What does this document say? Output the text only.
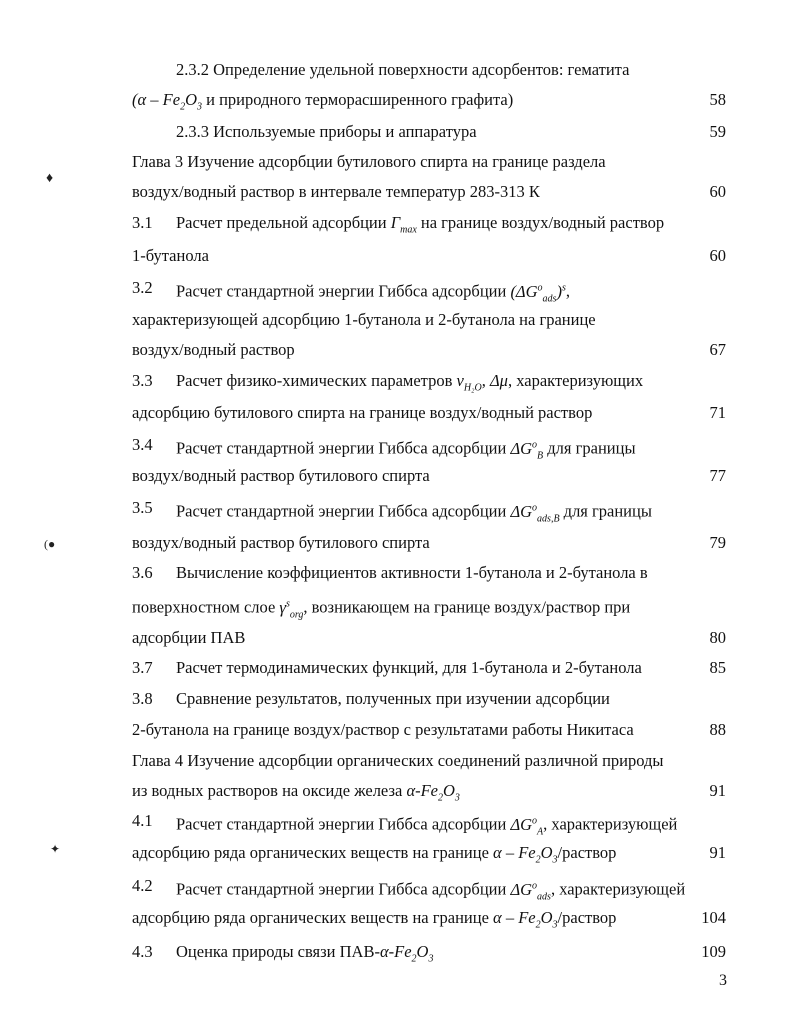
♦
(●
✦
2.3.2 Определение удельной поверхности адсорбентов: гематита
($\alpha - Fe_2O_3$ и природного терморасширенного графита)	58
2.3.3 Используемые приборы и аппаратура	59
Глава 3 Изучение адсорбции бутилового спирта на границе раздела
воздух/водный раствор в интервале температур 283-313 К	60
3.1 Расчет предельной адсорбции $\Gamma_{max}$ на границе воздух/водный раствор
1-бутанола	60
3.2 Расчет стандартной энергии Гиббса адсорбции $(\Delta G^o_{ads})^s$,
характеризующей адсорбцию 1-бутанола и 2-бутанола на границе
воздух/водный раствор	67
3.3 Расчет физико-химических параметров $\nu_{H_2O}$, Δμ, характеризующих
адсорбцию бутилового спирта на границе воздух/водный раствор	71
3.4 Расчет стандартной энергии Гиббса адсорбции $\Delta G^o_B$ для границы
воздух/водный раствор бутилового спирта	77
3.5 Расчет стандартной энергии Гиббса адсорбции $\Delta G^o_{ads,B}$ для границы
воздух/водный раствор бутилового спирта	79
3.6 Вычисление коэффициентов активности 1-бутанола и 2-бутанола в
поверхностном слое $\gamma^s_{org}$, возникающем на границе воздух/раствор при
адсорбции ПАВ	80
3.7 Расчет термодинамических функций, для 1-бутанола и 2-бутанола	85
3.8 Сравнение результатов, полученных при изучении адсорбции
2-бутанола на границе воздух/раствор с результатами работы Никитаса	88
Глава 4 Изучение адсорбции органических соединений различной природы
из водных растворов на оксиде железа $\alpha-Fe_2O_3$	91
4.1 Расчет стандартной энергии Гиббса адсорбции $\Delta G^o_A$, характеризующей
адсорбцию ряда органических веществ на границе α – $Fe_2O_3$/раствор	91
4.2 Расчет стандартной энергии Гиббса адсорбции $\Delta G^o_{ads}$, характеризующей
адсорбцию ряда органических веществ на границе α – $Fe_2O_3$/раствор	104
4.3 Оценка природы связи ПАВ-$\alpha-Fe_2O_3$	109
3
